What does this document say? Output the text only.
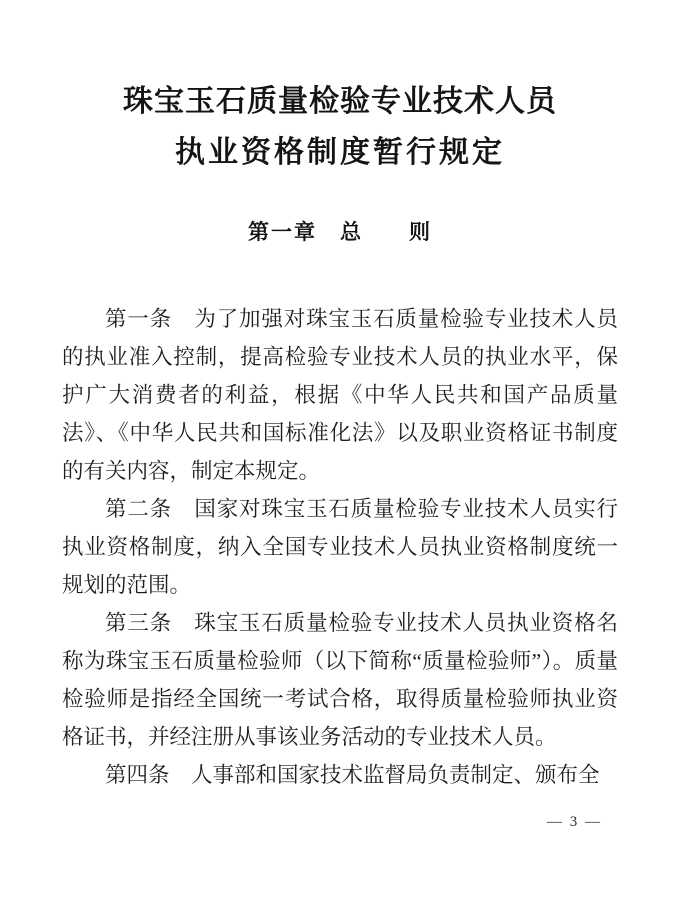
珠宝玉石质量检验专业技术人员
执业资格制度暂行规定
第一章　总　　则

第一条　为了加强对珠宝玉石质量检验专业技术人员的执业准入控制，提高检验专业技术人员的执业水平，保护广大消费者的利益，根据《中华人民共和国产品质量法》、《中华人民共和国标准化法》以及职业资格证书制度的有关内容，制定本规定。

第二条　国家对珠宝玉石质量检验专业技术人员实行执业资格制度，纳入全国专业技术人员执业资格制度统一规划的范围。

第三条　珠宝玉石质量检验专业技术人员执业资格名称为珠宝玉石质量检验师（以下简称“质量检验师”）。质量检验师是指经全国统一考试合格，取得质量检验师执业资格证书，并经注册从事该业务活动的专业技术人员。

第四条　人事部和国家技术监督局负责制定、颁布全

— 3 —
